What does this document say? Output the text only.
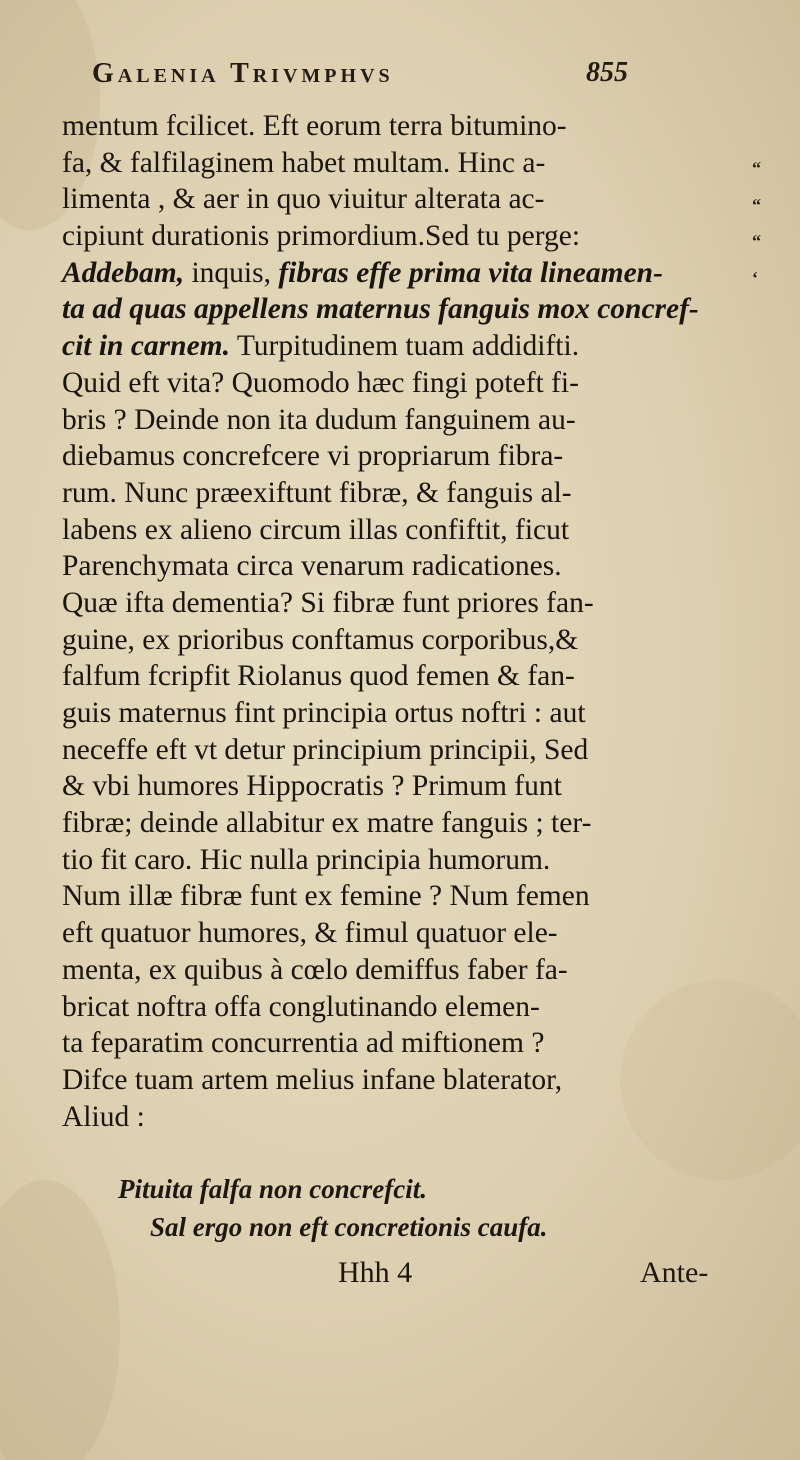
Galenia Trivmphvs	855
mentum fcilicet. Eft eorum terra bitumino-
fa, & falfilaginem habet multam. Hinc a-
limenta , & aer in quo viuitur alterata ac-
cipiunt durationis primordium.Sed tu perge:
Addebam, inquis, fibras effe prima vita lineamen-
ta ad quas appellens maternus fanguis mox concref-
cit in carnem. Turpitudinem tuam addidifti.
Quid eft vita? Quomodo hæc fingi poteft fi-
bris ? Deinde non ita dudum fanguinem au-
diebamus concrefcere vi propriarum fibra-
rum. Nunc præexiftunt fibræ, & fanguis al-
labens ex alieno circum illas confiftit, ficut
Parenchymata circa venarum radicationes.
Quæ ifta dementia? Si fibræ funt priores fan-
guine, ex prioribus conftamus corporibus,&
falfum fcripfit Riolanus quod femen & fan-
guis maternus fint principia ortus noftri : aut
neceffe eft vt detur principium principii, Sed
& vbi humores Hippocratis ? Primum funt
fibræ; deinde allabitur ex matre fanguis ; ter-
tio fit caro. Hic nulla principia humorum.
Num illæ fibræ funt ex femine ? Num femen
eft quatuor humores, & fimul quatuor ele-
menta, ex quibus à cœlo demiffus faber fa-
bricat noftra offa conglutinando elemen-
ta feparatim concurrentia ad miftionem ?
Difce tuam artem melius infane blaterator,
Aliud :
“
“
“
‘
Pituita falfa non concrefcit.
Sal ergo non eft concretionis caufa.
Hhh 4	Ante-
